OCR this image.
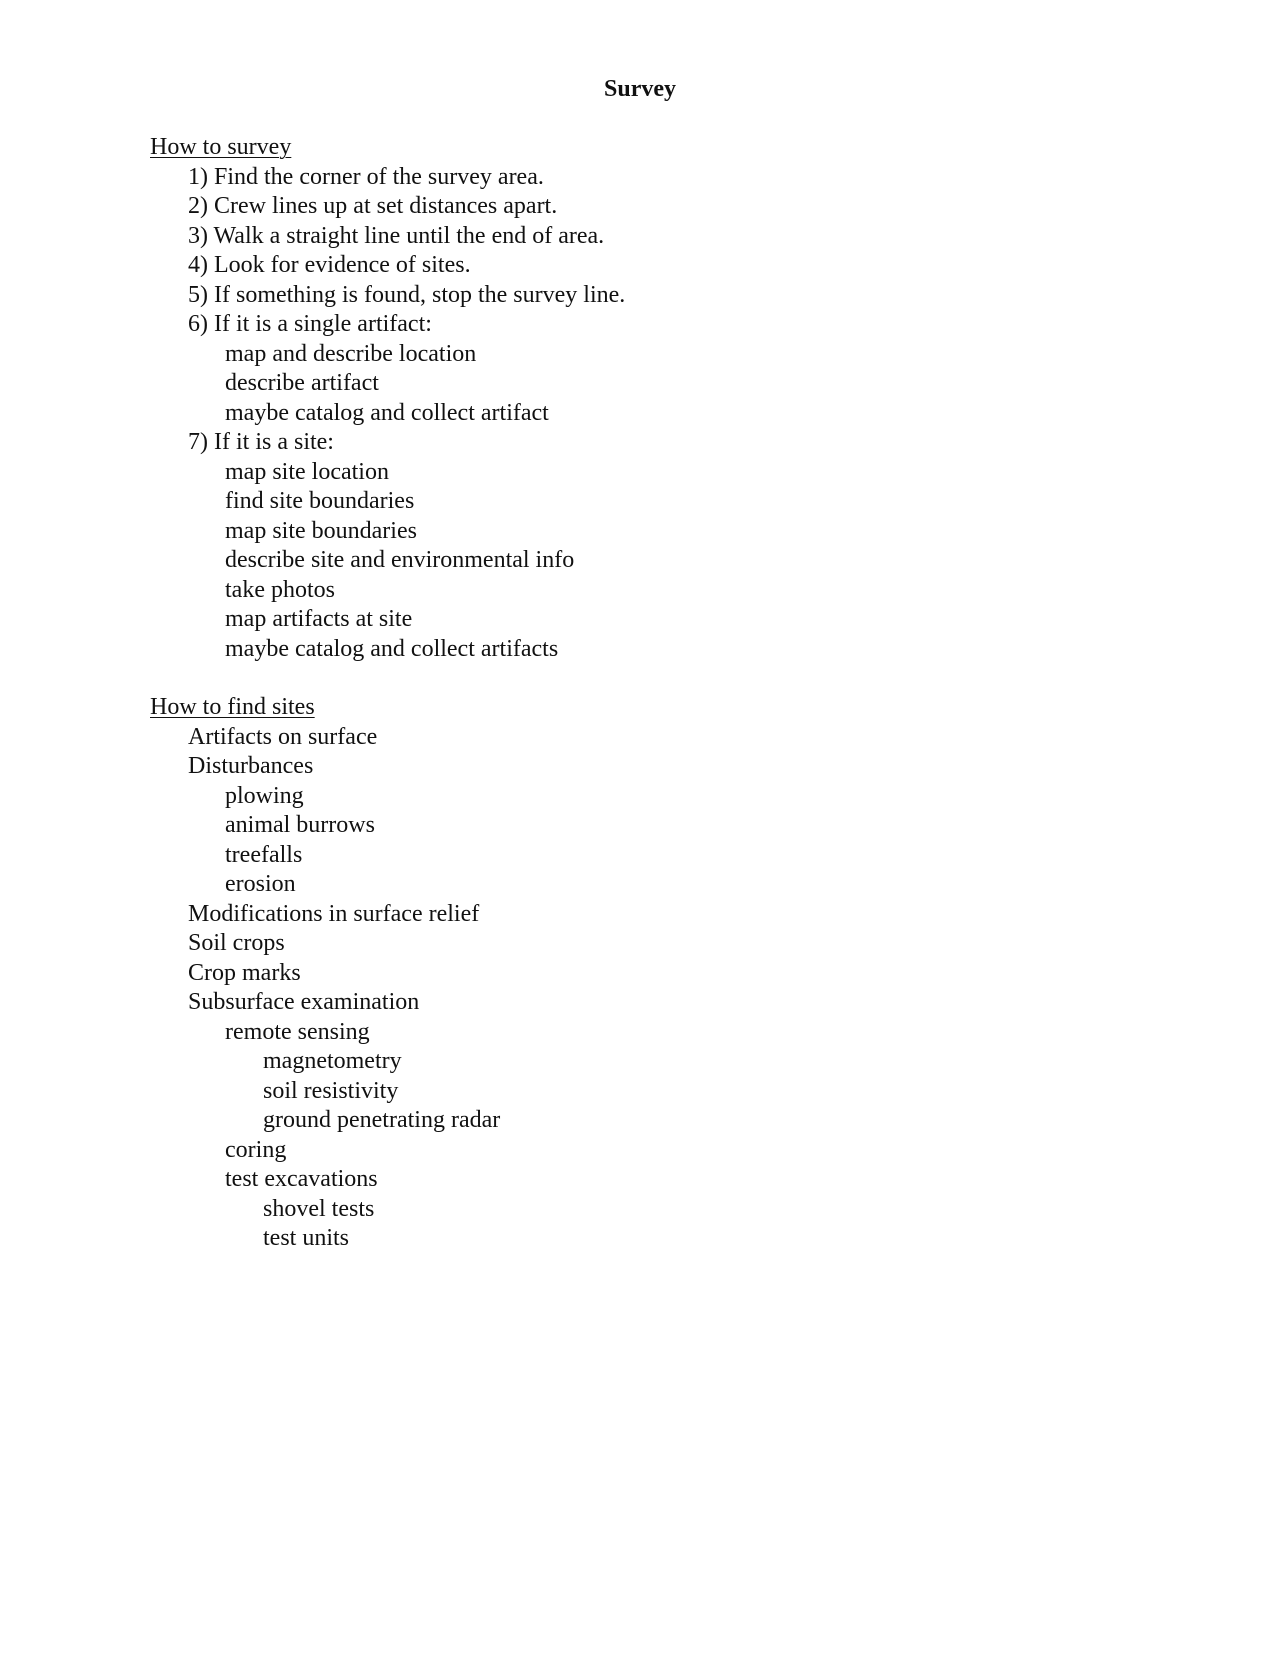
Survey
How to survey
1) Find the corner of the survey area.
2) Crew lines up at set distances apart.
3) Walk a straight line until the end of area.
4) Look for evidence of sites.
5) If something is found, stop the survey line.
6) If it is a single artifact:
map and describe location
describe artifact
maybe catalog and collect artifact
7) If it is a site:
map site location
find site boundaries
map site boundaries
describe site and environmental info
take photos
map artifacts at site
maybe catalog and collect artifacts
How to find sites
Artifacts on surface
Disturbances
plowing
animal burrows
treefalls
erosion
Modifications in surface relief
Soil crops
Crop marks
Subsurface examination
remote sensing
magnetometry
soil resistivity
ground penetrating radar
coring
test excavations
shovel tests
test units
